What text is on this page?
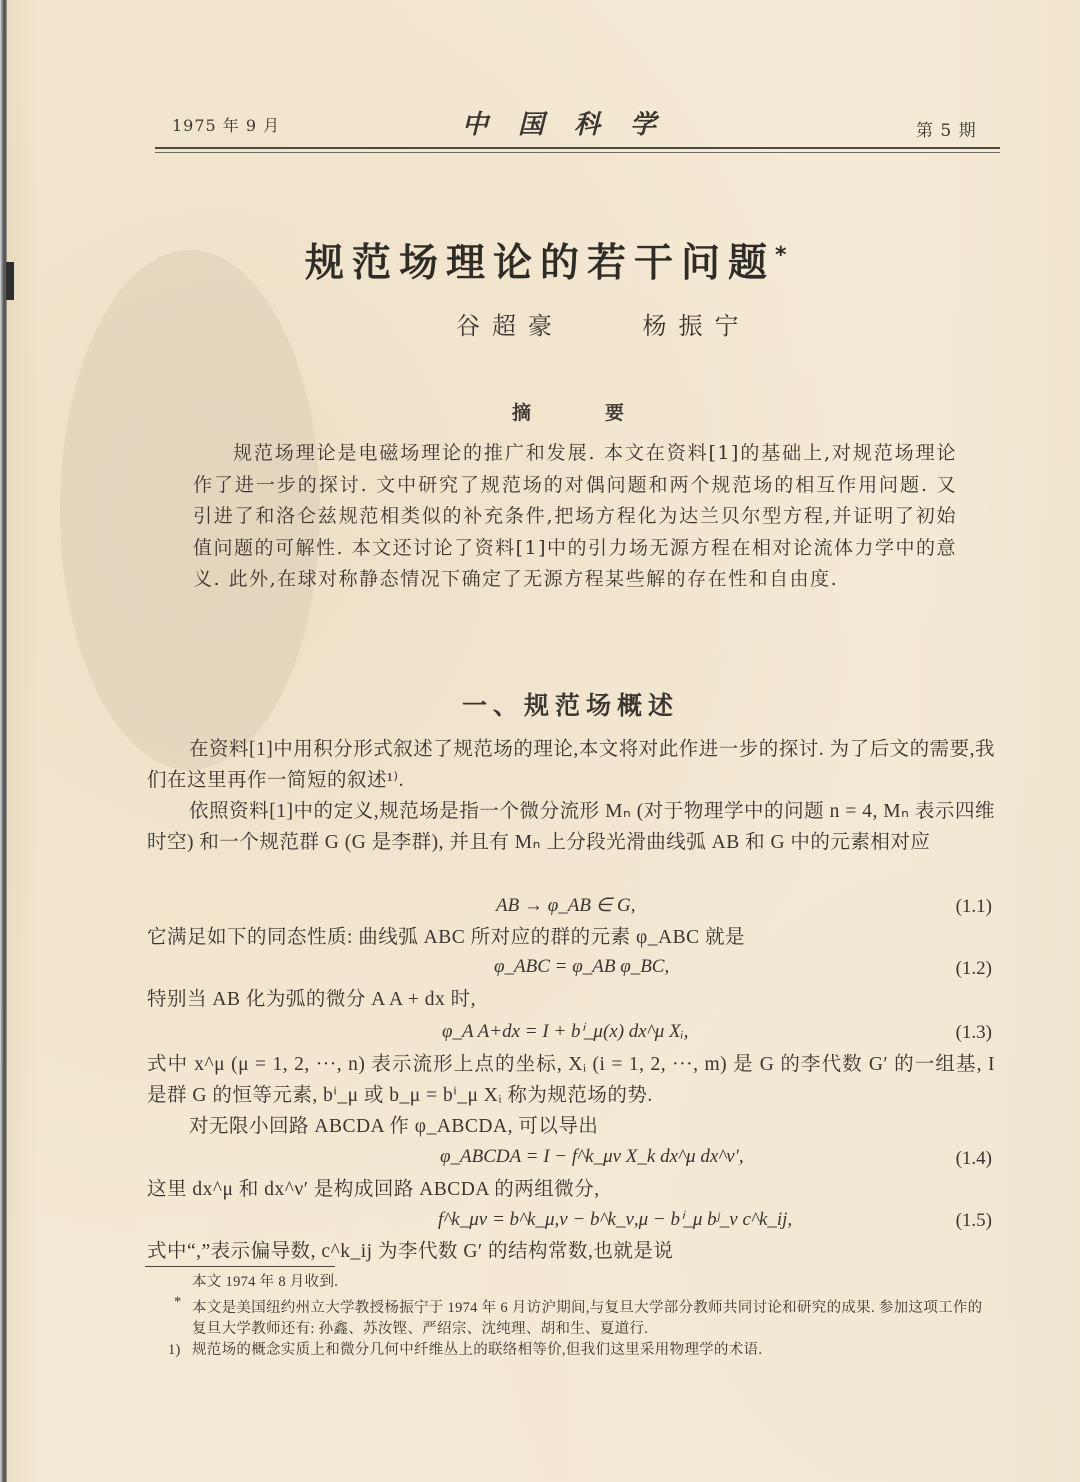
1975 年 9 月	中国科学	第 5 期
规范场理论的若干问题*
谷超豪    杨振宁
摘要
规范场理论是电磁场理论的推广和发展. 本文在资料[1]的基础上,对规范场理论作了进一步的探讨. 文中研究了规范场的对偶问题和两个规范场的相互作用问题. 又引进了和洛仑兹规范相类似的补充条件,把场方程化为达兰贝尔型方程,并证明了初始值问题的可解性. 本文还讨论了资料[1]中的引力场无源方程在相对论流体力学中的意义. 此外,在球对称静态情况下确定了无源方程某些解的存在性和自由度.
一、规范场概述
在资料[1]中用积分形式叙述了规范场的理论,本文将对此作进一步的探讨. 为了后文的需要,我们在这里再作一简短的叙述¹⁾.
依照资料[1]中的定义,规范场是指一个微分流形 Mₙ (对于物理学中的问题 n = 4, Mₙ 表示四维时空) 和一个规范群 G (G 是李群), 并且有 Mₙ 上分段光滑曲线弧 AB 和 G 中的元素相对应
AB → φ_AB ∈ G,	(1.1)
它满足如下的同态性质: 曲线弧 ABC 所对应的群的元素 φ_ABC 就是
φ_ABC = φ_AB φ_BC,	(1.2)
特别当 AB 化为弧的微分 A A + dx 时,
φ_A A+dx = I + bⁱ_μ(x) dx^μ Xᵢ,	(1.3)
式中 x^μ (μ = 1, 2, ···, n) 表示流形上点的坐标, Xᵢ (i = 1, 2, ···, m) 是 G 的李代数 G′ 的一组基, I 是群 G 的恒等元素, bⁱ_μ 或 b_μ = bⁱ_μ Xᵢ 称为规范场的势.
对无限小回路 ABCDA 作 φ_ABCDA, 可以导出
φ_ABCDA = I − f^k_μν X_k dx^μ dx^ν′,	(1.4)
这里 dx^μ 和 dx^ν′ 是构成回路 ABCDA 的两组微分,
f^k_μν = b^k_μ,ν − b^k_ν,μ − bⁱ_μ bʲ_ν c^k_ij,	(1.5)
式中“,”表示偏导数, c^k_ij 为李代数 G′ 的结构常数,也就是说
本文 1974 年 8 月收到.
* 本文是美国纽约州立大学教授杨振宁于 1974 年 6 月访沪期间,与复旦大学部分教师共同讨论和研究的成果. 参加这项工作的复旦大学教师还有: 孙鑫、苏汝铿、严绍宗、沈纯理、胡和生、夏道行.
1) 规范场的概念实质上和微分几何中纤维丛上的联络相等价,但我们这里采用物理学的术语.
